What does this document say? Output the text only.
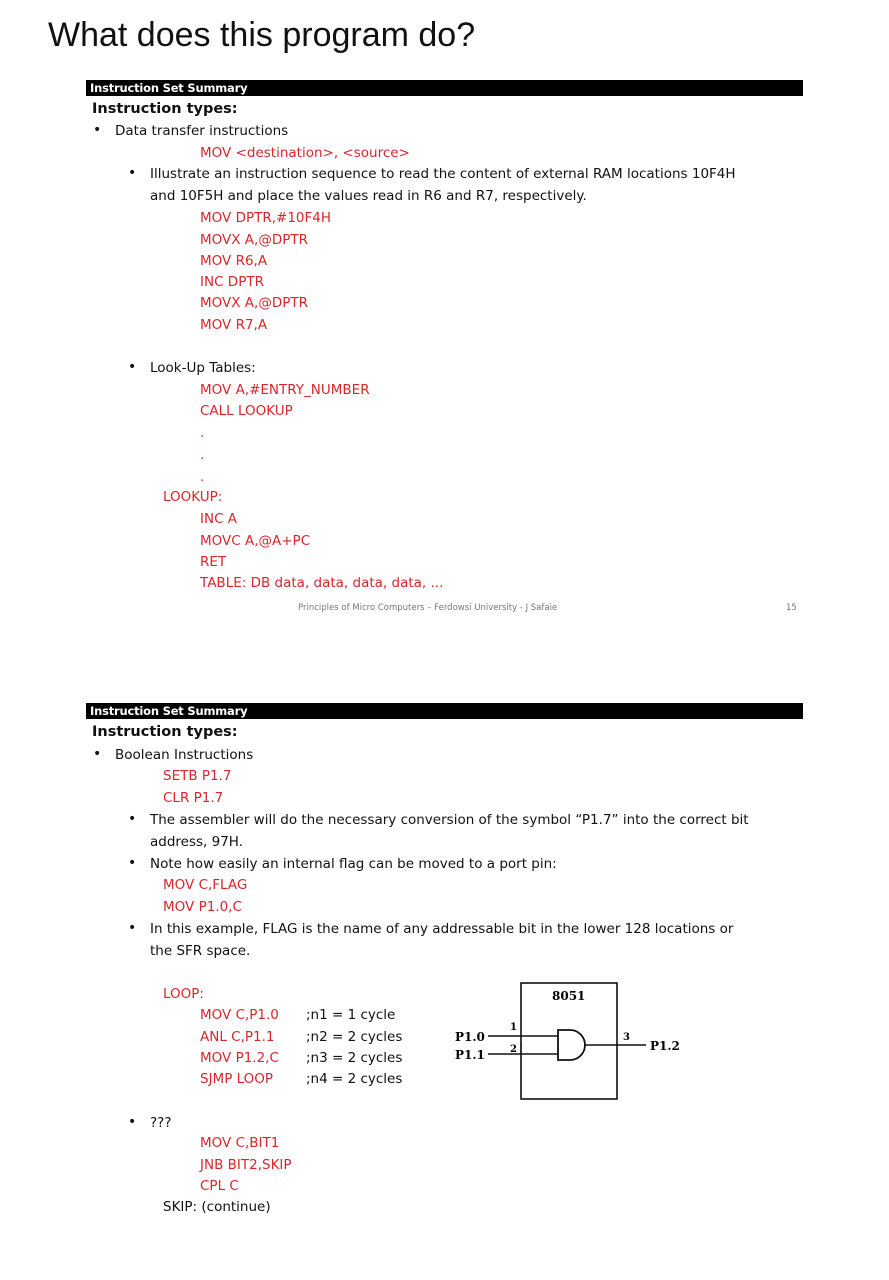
What does this program do?
Instruction Set Summary
Instruction types:
• Data transfer instructions
MOV <destination>, <source>
• Illustrate an instruction sequence to read the content of external RAM locations 10F4H
and 10F5H and place the values read in R6 and R7, respectively.
MOV DPTR,#10F4H
MOVX A,@DPTR
MOV R6,A
INC DPTR
MOVX A,@DPTR
MOV R7,A
• Look-Up Tables:
MOV A,#ENTRY_NUMBER
CALL LOOKUP
.
.
.
LOOKUP:
INC A
MOVC A,@A+PC
RET
TABLE: DB data, data, data, data, ...
Principles of Micro Computers – Ferdowsi University - J Safaie	15
Instruction Set Summary
Instruction types:
• Boolean Instructions
SETB P1.7
CLR P1.7
• The assembler will do the necessary conversion of the symbol “P1.7” into the correct bit
address, 97H.
• Note how easily an internal flag can be moved to a port pin:
MOV C,FLAG
MOV P1.0,C
• In this example, FLAG is the name of any addressable bit in the lower 128 locations or
the SFR space.
LOOP:
MOV C,P1.0
ANL C,P1.1
MOV P1.2,C
SJMP LOOP
;n1 = 1 cycle
;n2 = 2 cycles
;n3 = 2 cycles
;n4 = 2 cycles
8051
P1.0
P1.1
1
2
3
P1.2
• ???
MOV C,BIT1
JNB BIT2,SKIP
CPL C
SKIP: (continue)
